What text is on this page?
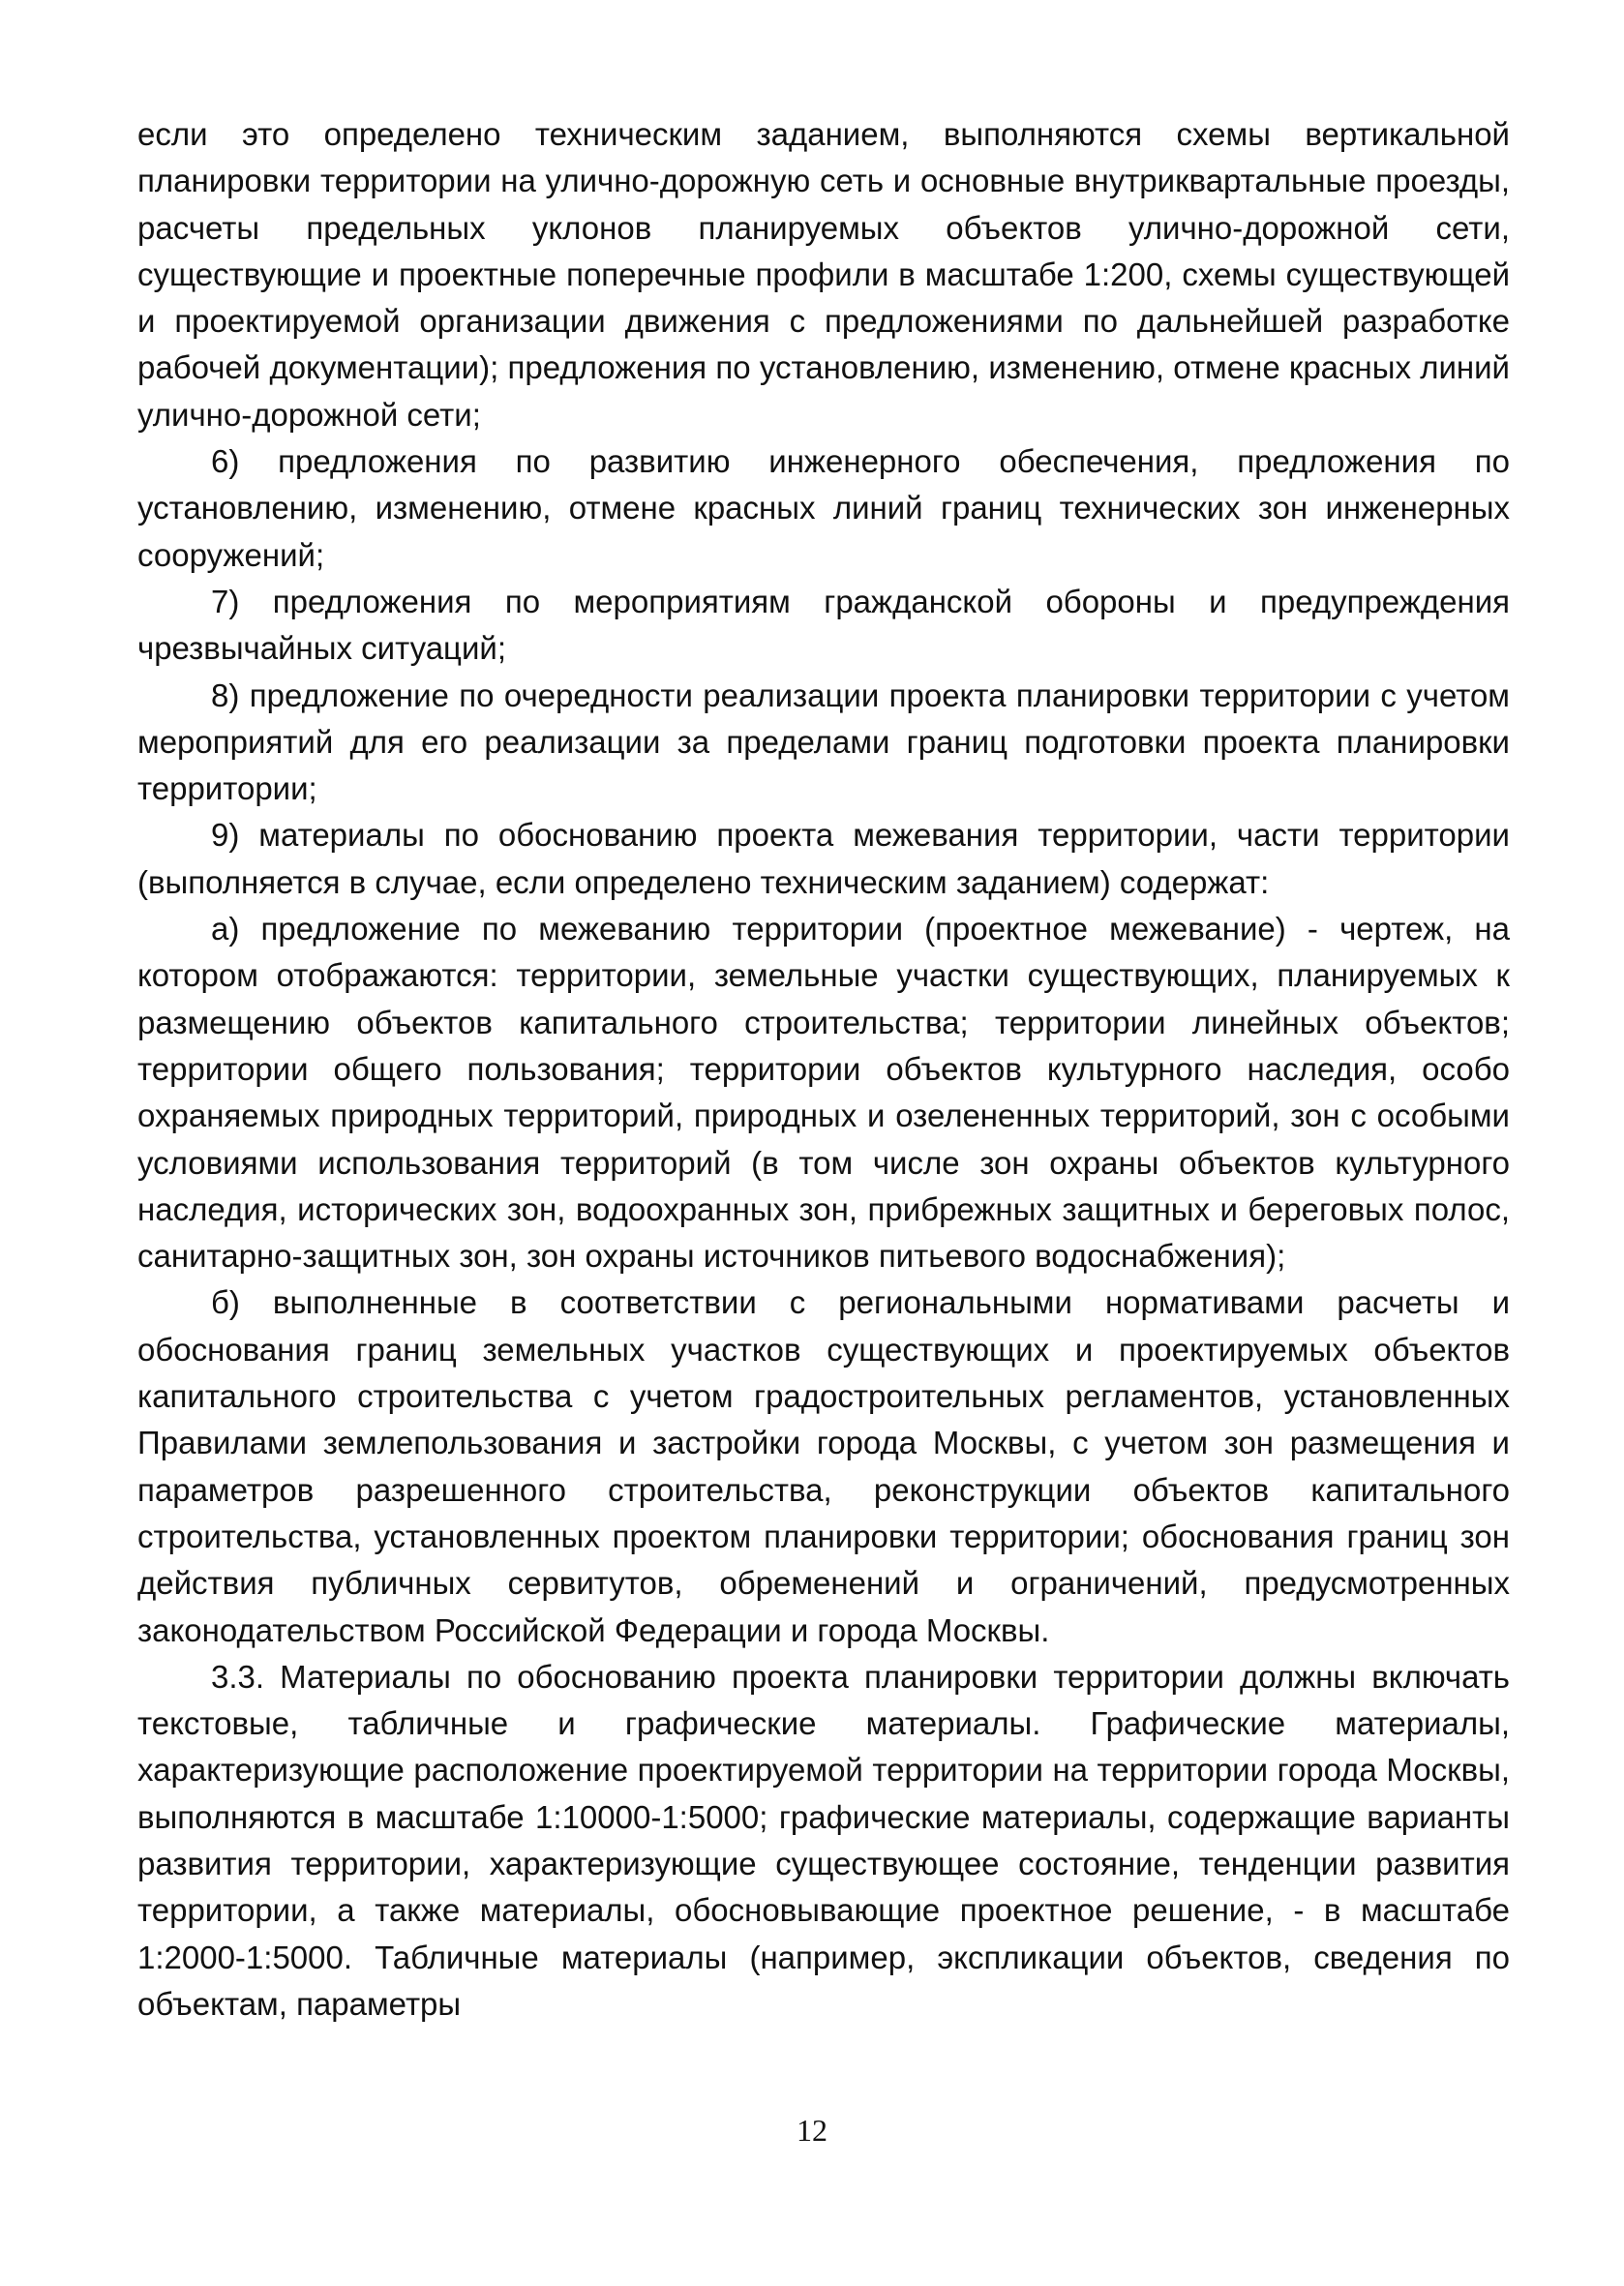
если это определено техническим заданием, выполняются схемы вертикальной планировки территории на улично-дорожную сеть и основные внутриквартальные проезды, расчеты предельных уклонов планируемых объектов улично-дорожной сети, существующие и проектные поперечные профили в масштабе 1:200, схемы существующей и проектируемой организации движения с предложениями по дальнейшей разработке рабочей документации); предложения по установлению, изменению, отмене красных линий улично-дорожной сети;

6) предложения по развитию инженерного обеспечения, предложения по установлению, изменению, отмене красных линий границ технических зон инженерных сооружений;

7) предложения по мероприятиям гражданской обороны и предупреждения чрезвычайных ситуаций;

8) предложение по очередности реализации проекта планировки территории с учетом мероприятий для его реализации за пределами границ подготовки проекта планировки территории;

9) материалы по обоснованию проекта межевания территории, части территории (выполняется в случае, если определено техническим заданием) содержат:

а) предложение по межеванию территории (проектное межевание) - чертеж, на котором отображаются: территории, земельные участки существующих, планируемых к размещению объектов капитального строительства; территории линейных объектов; территории общего пользования; территории объектов культурного наследия, особо охраняемых природных территорий, природных и озелененных территорий, зон с особыми условиями использования территорий (в том числе зон охраны объектов культурного наследия, исторических зон, водоохранных зон, прибрежных защитных и береговых полос, санитарно-защитных зон, зон охраны источников питьевого водоснабжения);

б) выполненные в соответствии с региональными нормативами расчеты и обоснования границ земельных участков существующих и проектируемых объектов капитального строительства с учетом градостроительных регламентов, установленных Правилами землепользования и застройки города Москвы, с учетом зон размещения и параметров разрешенного строительства, реконструкции объектов капитального строительства, установленных проектом планировки территории; обоснования границ зон действия публичных сервитутов, обременений и ограничений, предусмотренных законодательством Российской Федерации и города Москвы.

3.3. Материалы по обоснованию проекта планировки территории должны включать текстовые, табличные и графические материалы. Графические материалы, характеризующие расположение проектируемой территории на территории города Москвы, выполняются в масштабе 1:10000-1:5000; графические материалы, содержащие варианты развития территории, характеризующие существующее состояние, тенденции развития территории, а также материалы, обосновывающие проектное решение, - в масштабе 1:2000-1:5000. Табличные материалы (например, экспликации объектов, сведения по объектам, параметры

12
